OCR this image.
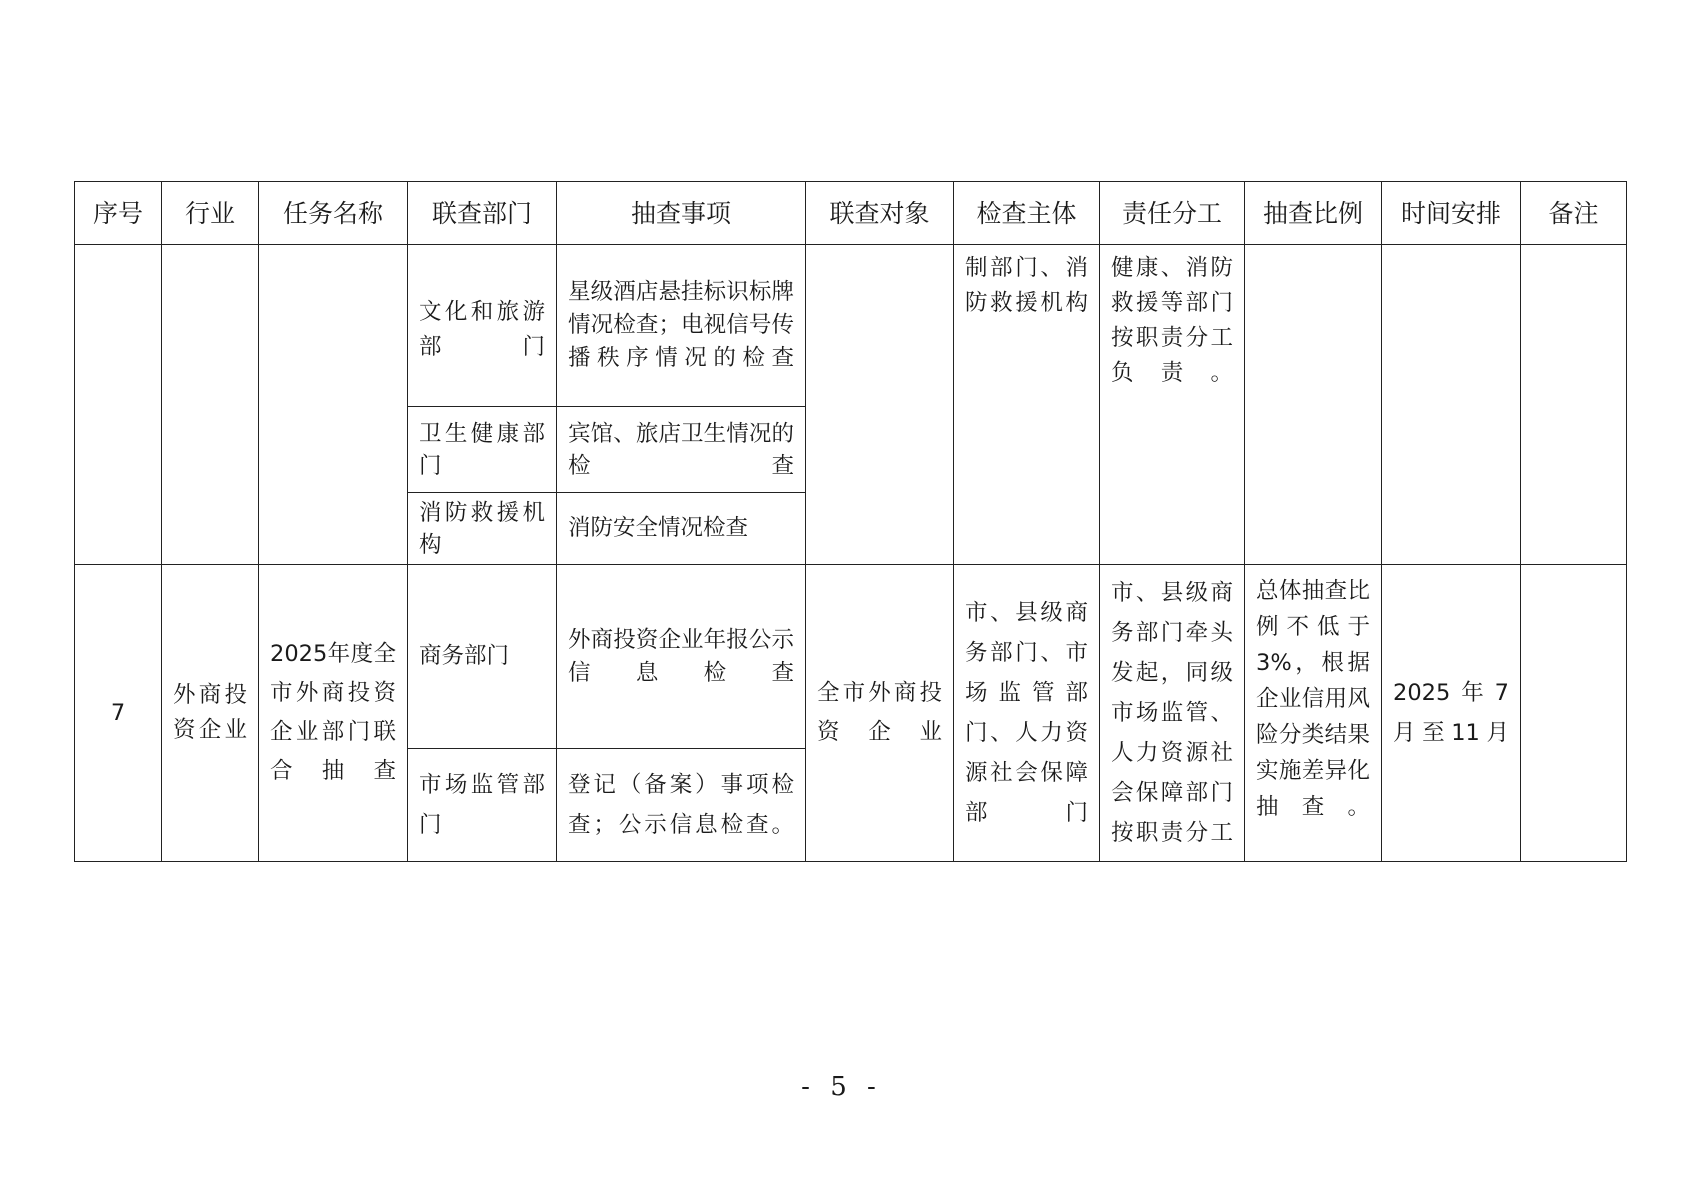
序号	行业	任务名称	联查部门	抽查事项	联查对象	检查主体	责任分工	抽查比例	时间安排	备注
			文化和旅游部门	星级酒店悬挂标识标牌情况检查；电视信号传播秩序情况的检查		制部门、消防救援机构	健康、消防救援等部门按职责分工负责。			
			卫生健康部门	宾馆、旅店卫生情况的检查						
			消防救援机构	消防安全情况检查						
7	外商投资企业	2025年度全市外商投资企业部门联合抽查	商务部门	外商投资企业年报公示信息检查	全市外商投资企业	市、县级商务部门、市场监管部门、人力资源社会保障部门	市、县级商务部门牵头发起，同级市场监管、人力资源社会保障部门按职责分工	总体抽查比例不低于3%，根据企业信用风险分类结果实施差异化抽查。	2025年7月至11月	
			市场监管部门	登记（备案）事项检查；公示信息检查。						
- 5 -
